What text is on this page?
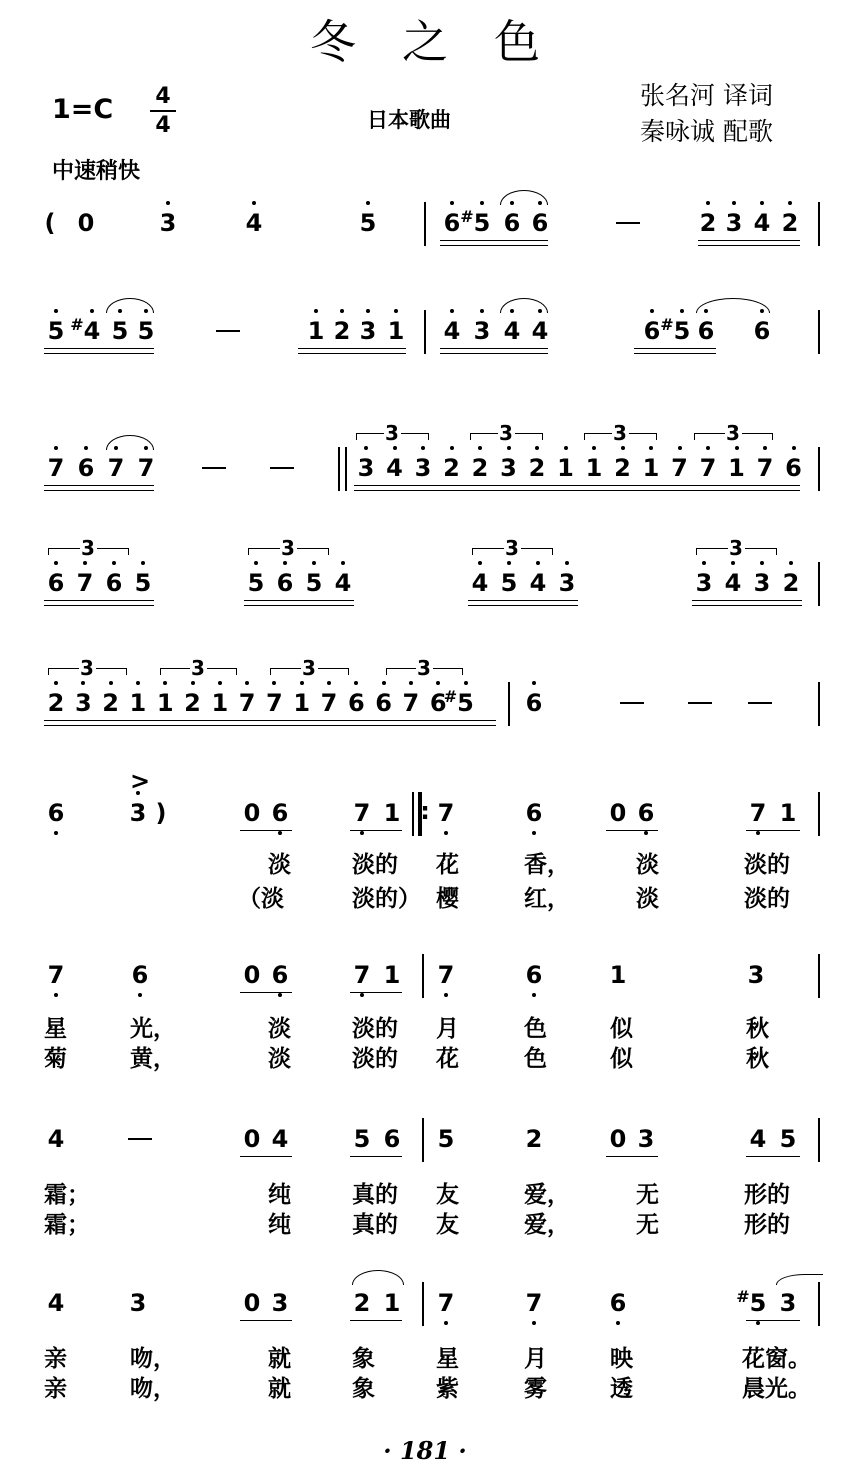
冬之色
1=C 4
4	日本歌曲
张名河 译词
秦咏诚 配歌
中速稍快
( 0	3	4	5	6 5
# 6 6	2 3 4 2
5 4
# 5 5	1 2 3 1 4 3 4 4	6 5
# 6 6
7 6 7 7	3 4 3 2 2 3 2 1 1 2 1 7 7 1 7 6
3	3	3	3
6 7 6 5
3
5 6 5 4
3
4 5 4 3
3
3 4 3 2
3
2 3 2 1 1 2 1 7 7 1 7 6 6 7 6 5
#
3	3	3	3
6
6	3
>
)	0 6	7 1 : 7	6	0 6	7 1
淡	淡的 花	香，	淡	淡的
（淡	淡的） 樱	红，	淡	淡的
7	6	0 6	7 1 7	6	1	3
星	光，	淡	淡的 月	色	似	秋
菊	黄，	淡	淡的 花	色	似	秋
4	0 4	5 6 5	2	0 3	4 5
霜；	纯	真的 友	爱，	无	形的
霜；	纯	真的 友	爱，	无	形的
4	3	0 3	2 1 7	7	6	5
# 3
亲	吻，	就	象	星	月	映	花窗。
亲	吻，	就	象	紫	雾	透	晨光。
· 181 ·
